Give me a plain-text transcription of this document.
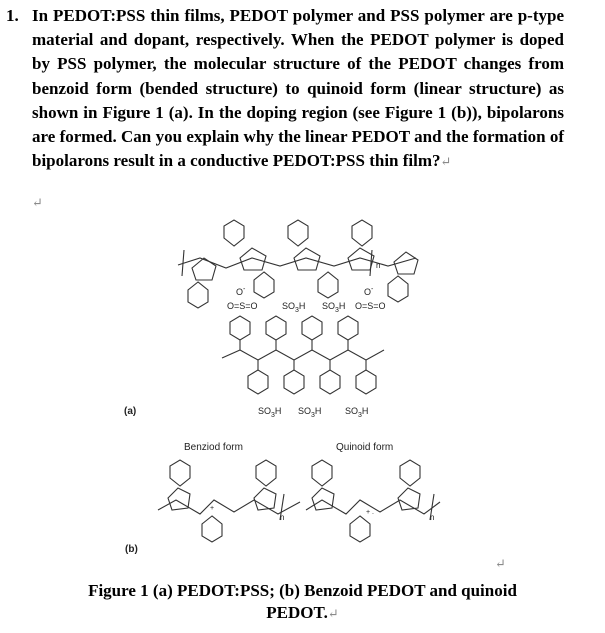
1. In PEDOT:PSS thin films, PEDOT polymer and PSS polymer are p-type material and dopant, respectively. When the PEDOT polymer is doped by PSS polymer, the molecular structure of the PEDOT changes from benzoid form (bended structure) to quinoid form (linear structure) as shown in Figure 1 (a). In the doping region (see Figure 1 (b)), bipolarons are formed. Can you explain why the linear PEDOT and the formation of bipolarons result in a conductive PEDOT:PSS thin film?↵
↵
O=S=O	O=S=O
$SO_3H$ $SO_3H$
$SO_3H$ $SO_3H$	$SO_3H$
O-	O-
n
(a)
Benziod form	Quinoid form
(b)
+
+ .
n	n
↵
Figure 1 (a) PEDOT:PSS; (b) Benzoid PEDOT and quinoid
PEDOT.↵
